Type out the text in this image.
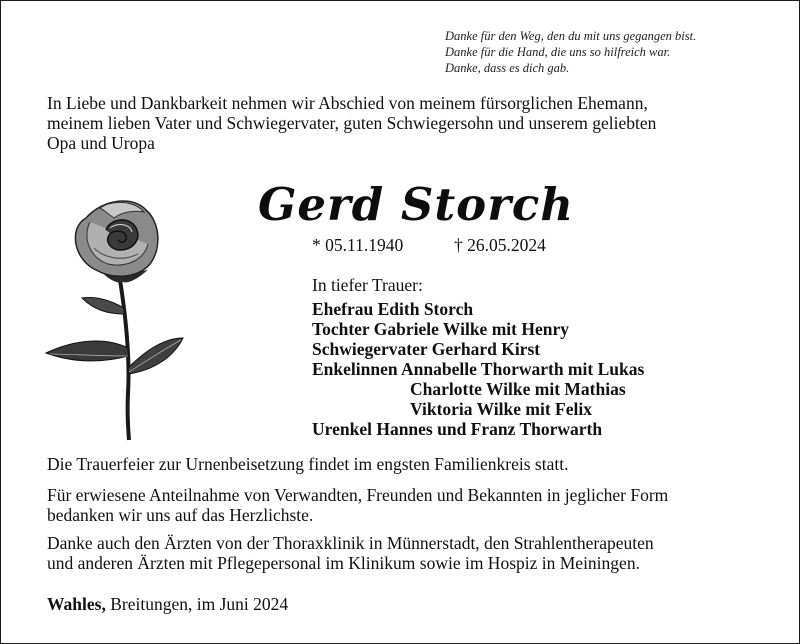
Danke für den Weg, den du mit uns gegangen bist.
Danke für die Hand, die uns so hilfreich war.
Danke, dass es dich gab.
In Liebe und Dankbarkeit nehmen wir Abschied von meinem fürsorglichen Ehemann,
meinem lieben Vater und Schwiegervater, guten Schwiegersohn und unserem geliebten
Opa und Uropa
Gerd Storch
* 05.11.1940	† 26.05.2024
In tiefer Trauer:
Ehefrau Edith Storch
Tochter Gabriele Wilke mit Henry
Schwiegervater Gerhard Kirst
Enkelinnen Annabelle Thorwarth mit Lukas
Charlotte Wilke mit Mathias
Viktoria Wilke mit Felix
Urenkel Hannes und Franz Thorwarth
Die Trauerfeier zur Urnenbeisetzung findet im engsten Familienkreis statt.
Für erwiesene Anteilnahme von Verwandten, Freunden und Bekannten in jeglicher Form
bedanken wir uns auf das Herzlichste.
Danke auch den Ärzten von der Thoraxklinik in Münnerstadt, den Strahlentherapeuten
und anderen Ärzten mit Pflegepersonal im Klinikum sowie im Hospiz in Meiningen.
Wahles, Breitungen, im Juni 2024
